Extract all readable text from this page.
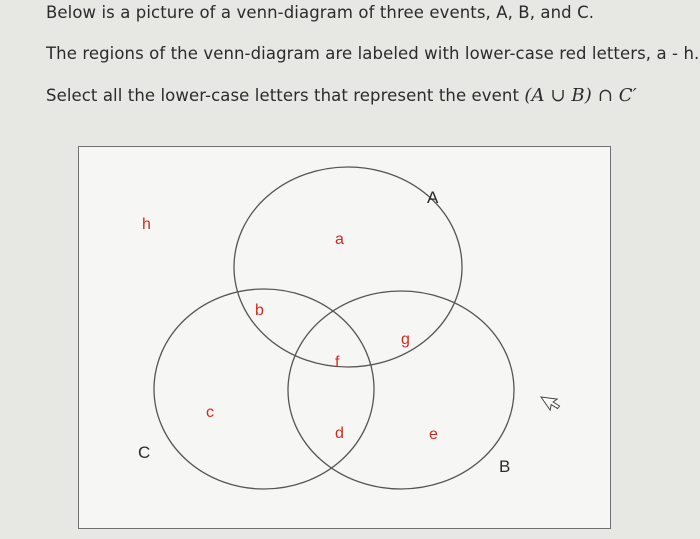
Below is a picture of a venn-diagram of three events, A, B, and C.

The regions of the venn-diagram are labeled with lower-case red letters, a - h.

Select all the lower-case letters that represent the event (A ∪ B) ∩ C′

A
B
C
h
a
b
g
f
c
d	e
